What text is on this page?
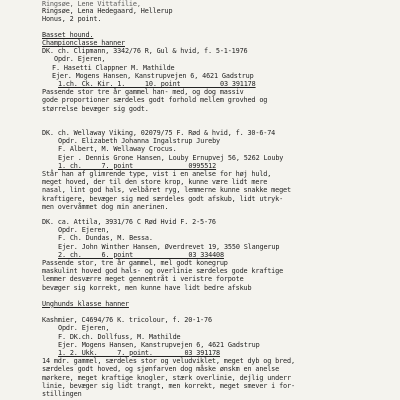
Ringsøe, Lene Vittafilie,
Ringsøe, Lena Hedegaard, Hellerup
Honus, 2 point.
Basset hound.
Championclasse hanner
DK. ch. Clipmann, 3342/76 R, Gul & hvid, f. 5-1-1976
Opdr. Ejeren,
F. Hasetti Clappner M. Mathilde
Ejer. Mogens Hansen, Kanstrupvejen 6, 4621 Gadstrup
1.ch. Ck. Kir. 1.     10. point          03 391178
Passende stor tre år gammel han- med, og dog massiv
gode proportioner særdeles godt forhold mellem grovhed og
størrelse bevæger sig godt.
DK. ch. Wellaway Viking, 02079/75 F. Rød & hvid, f. 30-6-74
Opdr. Elizabeth Johanna Ingalstrup Jureby
F. Albert, M. Wellaway Crocus.
Ejer . Dennis Grone Hansen, Louby Ernupvej 56, 5262 Louby
1. ch.     7. point              0995512
Står han af glimrende type, vist i en anelse for høj huld,
meget hoved, der til den store krop, kunne være lidt mere
nasal, lint god hals, velbåret ryg, lemmerne kunne snakke meget
kraftigere, bevæger sig med særdeles godt afskub, lidt utryk-
men overvåmmet dog min anerinen.
DK. ca. Attila, 3931/76 C Rød Hvid F. 2-5-76
Opdr. Ejeren,
F. Ch. Dundas, M. Bessa.
Ejer. John Winther Hansen, Øverdrevet 19, 3550 Slangerup
2. ch.     6. point              03 334408
Passende stor, tre år gammel, mel godt konegrup
maskulint hoved god hals- og overlinie særdeles gode kraftige
lemmer desværre meget gennemtråt i veristre forpote
bevæger sig korrekt, men kunne have lidt bedre afskub
Unghunds klasse hanner
Kashmier, C4694/76 K. tricolour, f. 20-1-76
Opdr. Ejeren,
F. DK.ch. Dollfuss, M. Mathilde
Ejer. Mogens Hansen, Kanstrupvejen 6, 4621 Gadstrup
1. 2. Ukk.     7. point.        03 391178
14 mdr. gammel, særdeles stor og veludviklet, meget dyb og bred,
særdeles godt hoved, og sjønfarven dog måske ønskm en anelse
mørkere, meget kraftige knogler, stærk overlinie, dejlig underr
linie, bevæger sig lidt trangt, men korrekt, meget smever i for-
stillingen
